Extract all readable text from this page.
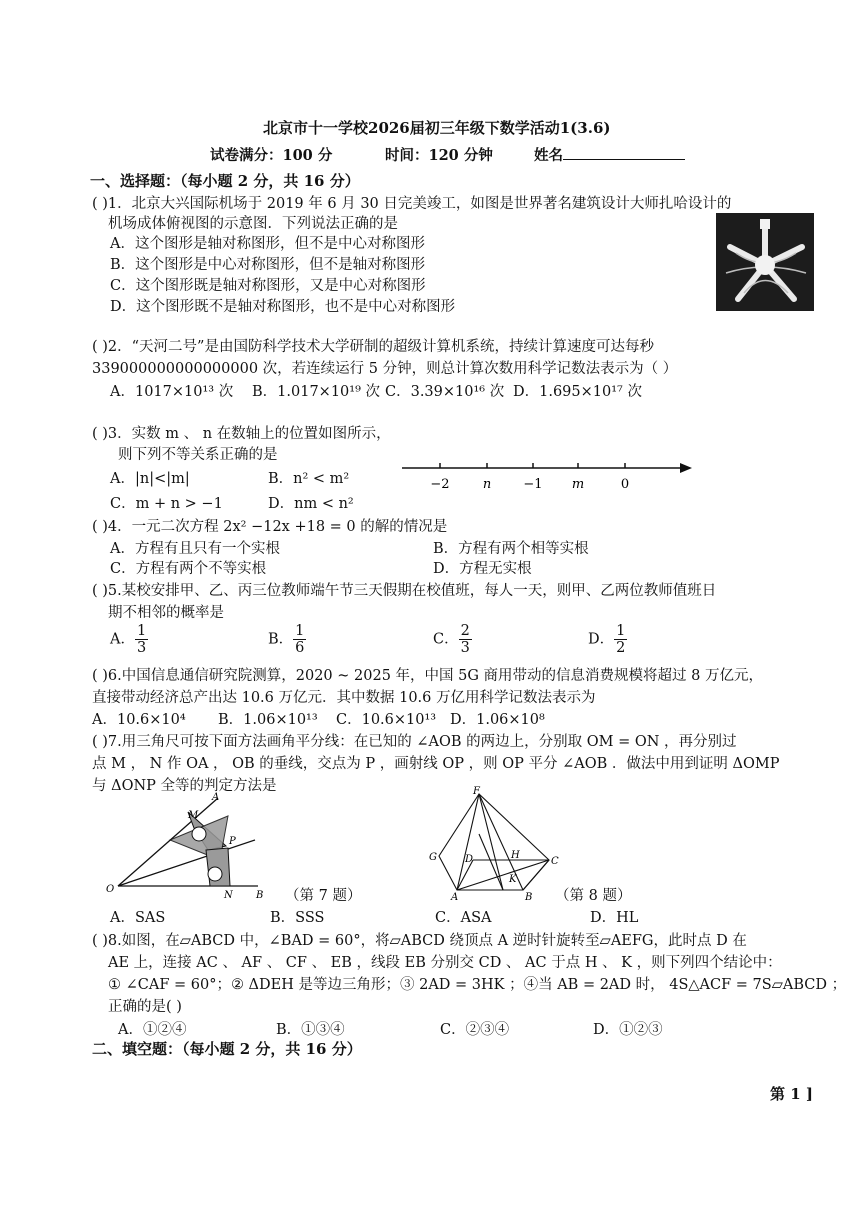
北京市十一学校2026届初三年级下数学活动1(3.6)
试卷满分：100 分	时间：120 分钟	姓名
一、选择题：（每小题 2 分，共 16 分）
( )1．北京大兴国际机场于 2019 年 6 月 30 日完美竣工，如图是世界著名建筑设计大师扎哈设计的
机场成体俯视图的示意图．下列说法正确的是
A．这个图形是轴对称图形，但不是中心对称图形
B．这个图形是中心对称图形，但不是轴对称图形
C．这个图形既是轴对称图形，又是中心对称图形
D．这个图形既不是轴对称图形，也不是中心对称图形
( )2．“天河二号”是由国防科学技术大学研制的超级计算机系统，持续计算速度可达每秒
339000000000000000 次，若连续运行 5 分钟，则总计算次数用科学记数法表示为（ ）
A．1017×10¹³ 次 B．1.017×10¹⁹ 次 C．3.39×10¹⁶ 次 D．1.695×10¹⁷ 次
( )3．实数 m 、 n 在数轴上的位置如图所示，
则下列不等关系正确的是
A．|n|<|m|	B．n² < m²
C．m + n > −1	D．nm < n²
−2	n −1 m	0
( )4．一元二次方程 2x² −12x +18 = 0 的解的情况是
A．方程有且只有一个实根	B．方程有两个相等实根
C．方程有两个不等实根	D．方程无实根
( )5.某校安排甲、乙、丙三位教师端午节三天假期在校值班，每人一天，则甲、乙两位教师值班日
期不相邻的概率是
A． $\frac{1}{3}$	B． $\frac{1}{6}$	C． $\frac{2}{3}$	D． $\frac{1}{2}$
( )6.中国信息通信研究院测算，2020 ~ 2025 年，中国 5G 商用带动的信息消费规模将超过 8 万亿元，
直接带动经济总产出达 10.6 万亿元．其中数据 10.6 万亿用科学记数法表示为
A．10.6×10⁴ B．1.06×10¹³ C．10.6×10¹³ D．1.06×10⁸
( )7.用三角尺可按下面方法画角平分线：在已知的 ∠AOB 的两边上，分别取 OM = ON ，再分别过
点 M ， N 作 OA ， OB 的垂线，交点为 P ，画射线 OP ，则 OP 平分 ∠AOB ．做法中用到证明 ΔOMP
与 ΔONP 全等的判定方法是
A
M
P
O
N B （第 7 题）
F
G	D	H
C
K
A	B （第 8 题）
A．SAS	B．SSS	C．ASA	D．HL
( )8.如图，在▱ABCD 中，∠BAD = 60°，将▱ABCD 绕顶点 A 逆时针旋转至▱AEFG，此时点 D 在
AE 上，连接 AC 、 AF 、 CF 、 EB ，线段 EB 分别交 CD 、 AC 于点 H 、 K ，则下列四个结论中：
① ∠CAF = 60°；② ΔDEH 是等边三角形；③ 2AD = 3HK ；④当 AB = 2AD 时， 4S△ACF = 7S▱ABCD ；
正确的是( )
A．①②④	B．①③④	C．②③④	D．①②③
二、填空题：（每小题 2 分，共 16 分）
第 1 ]
